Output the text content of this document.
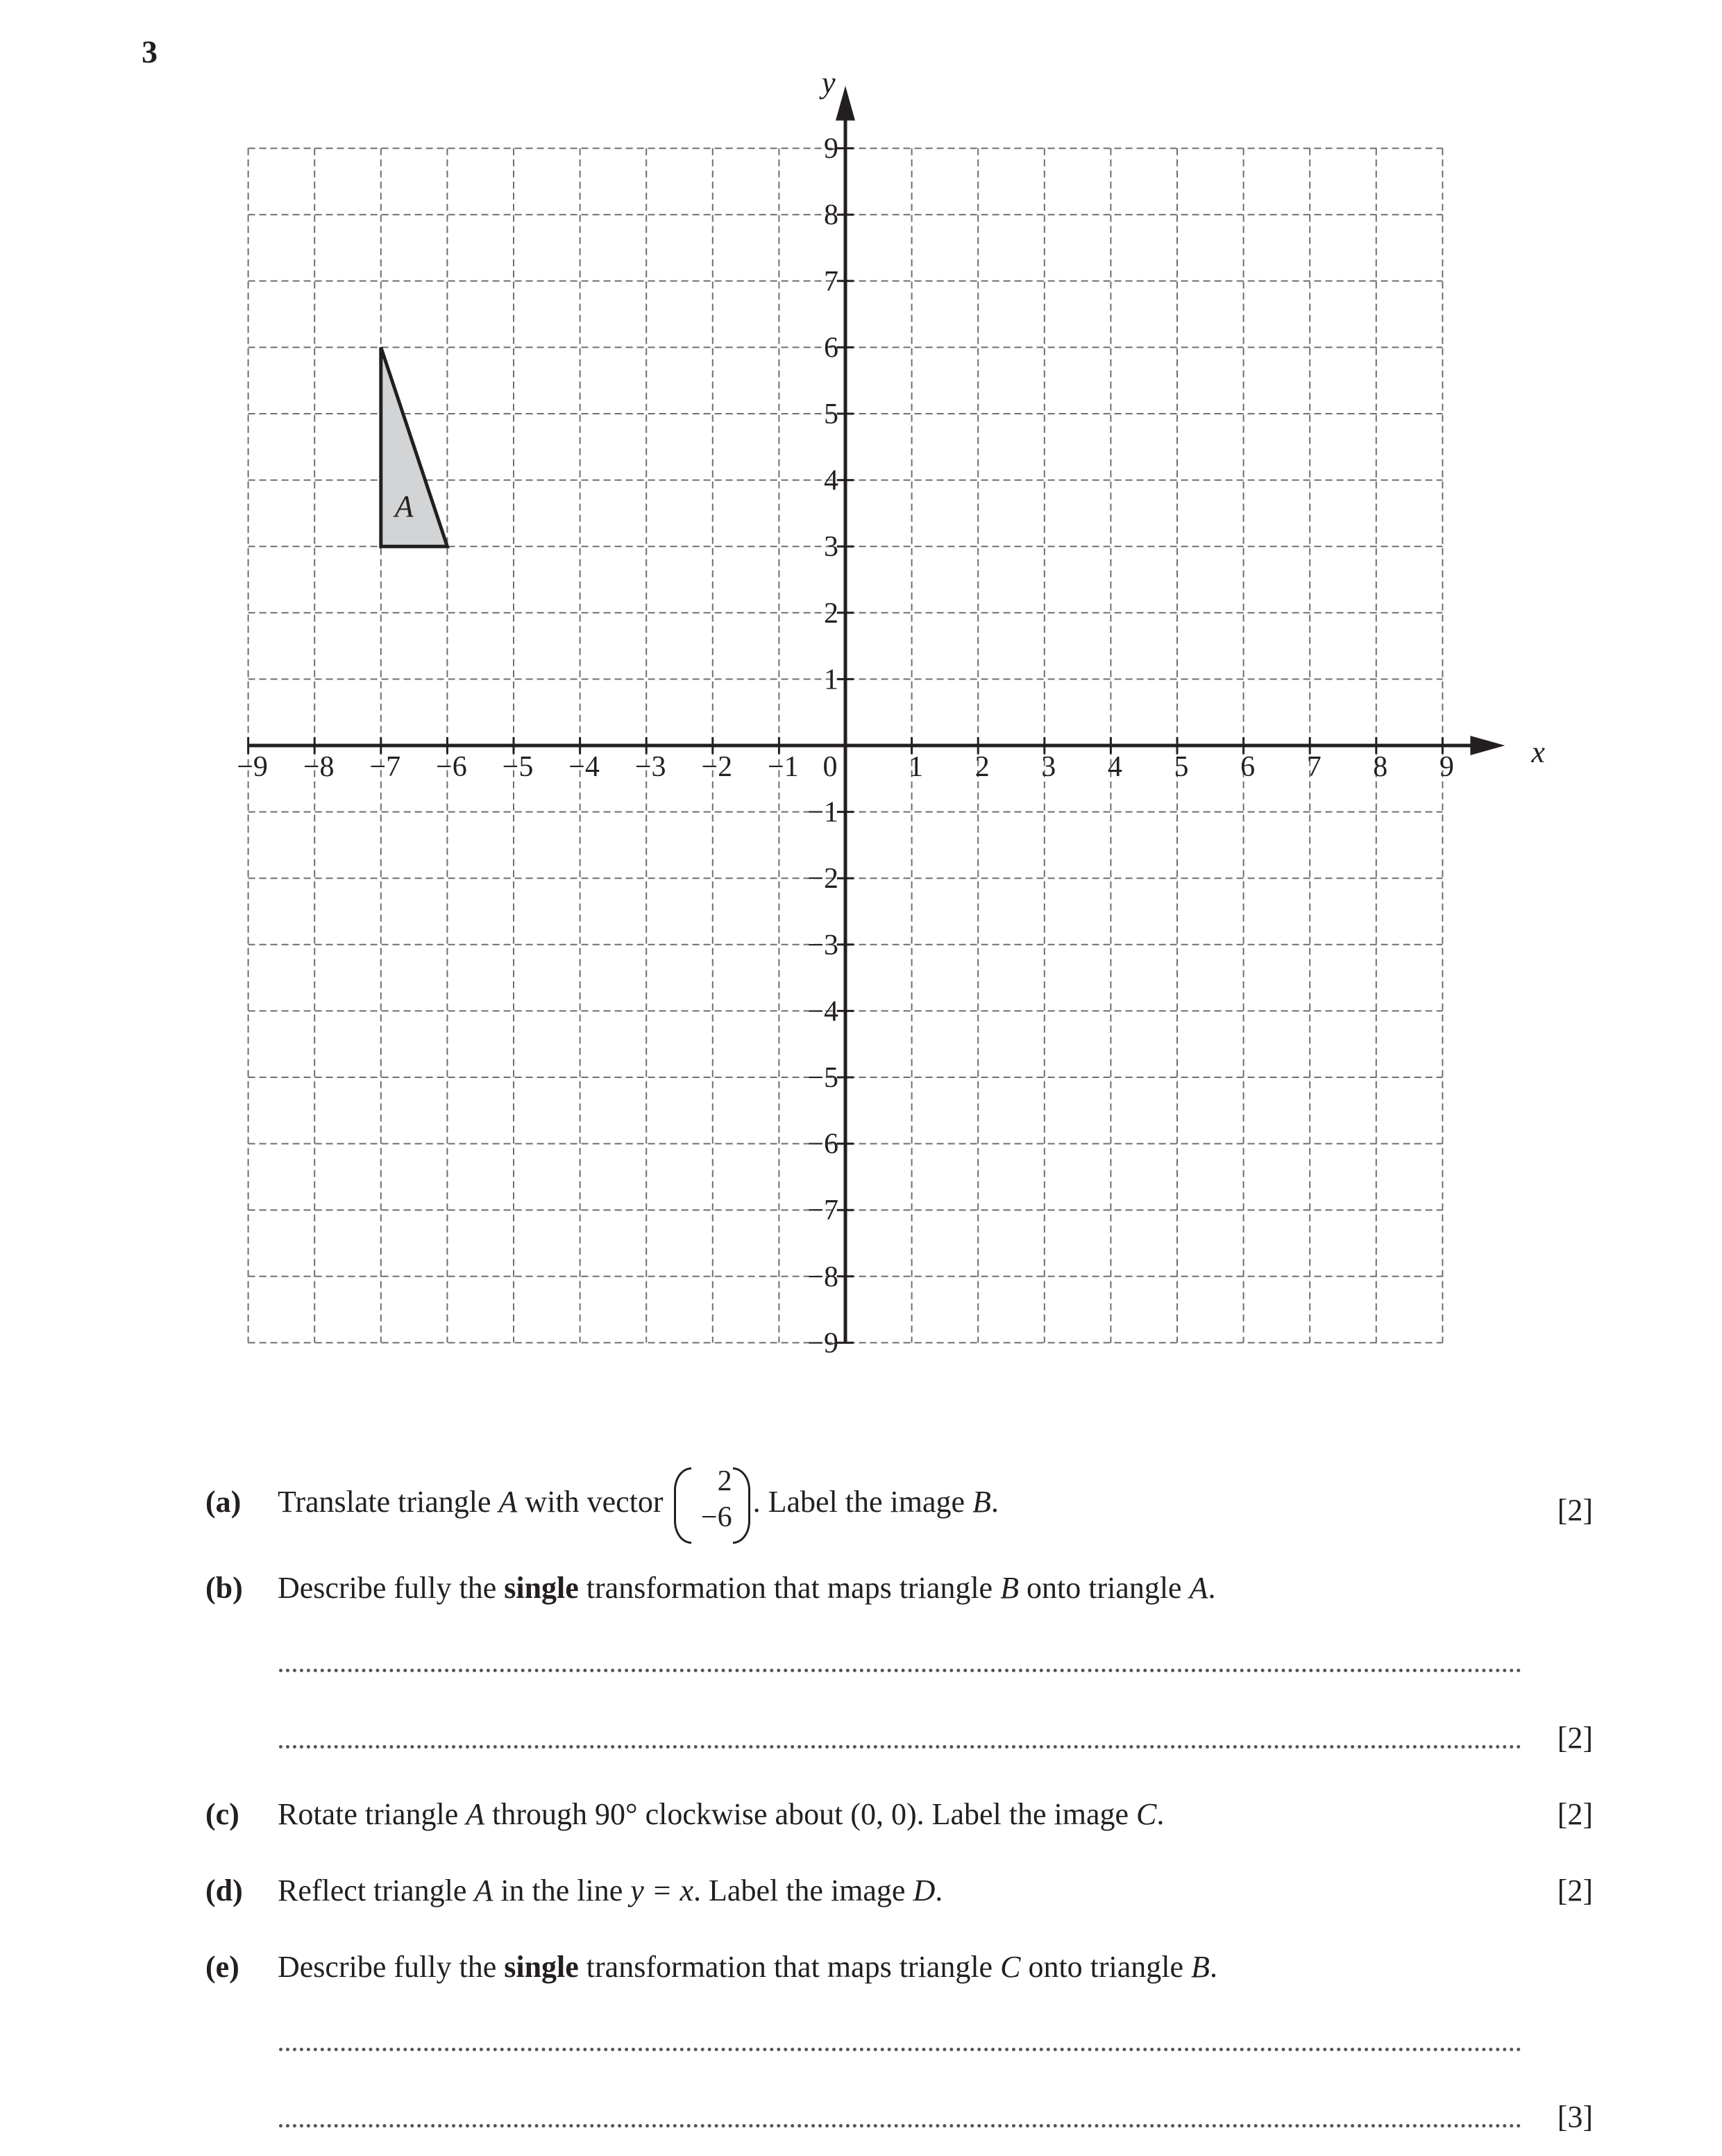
3
x
y
A
−9 −8 −7 −6 −5 −4 −3 −2 −1 0 1 2 3 4 5 6 7 8 9
1
2
3
4
5
6
7
8
9
−1
−2
−3
−4
−5
−6
−7
−8
−9
(a) Translate triangle A with vector
2
−6 . Label the image B.	[2]
(b) Describe fully the single transformation that maps triangle B onto triangle A.
[2]
(c) Rotate triangle A through 90° clockwise about (0, 0). Label the image C.	[2]
(d) Reflect triangle A in the line y = x. Label the image D.	[2]
(e) Describe fully the single transformation that maps triangle C onto triangle B.
[3]
